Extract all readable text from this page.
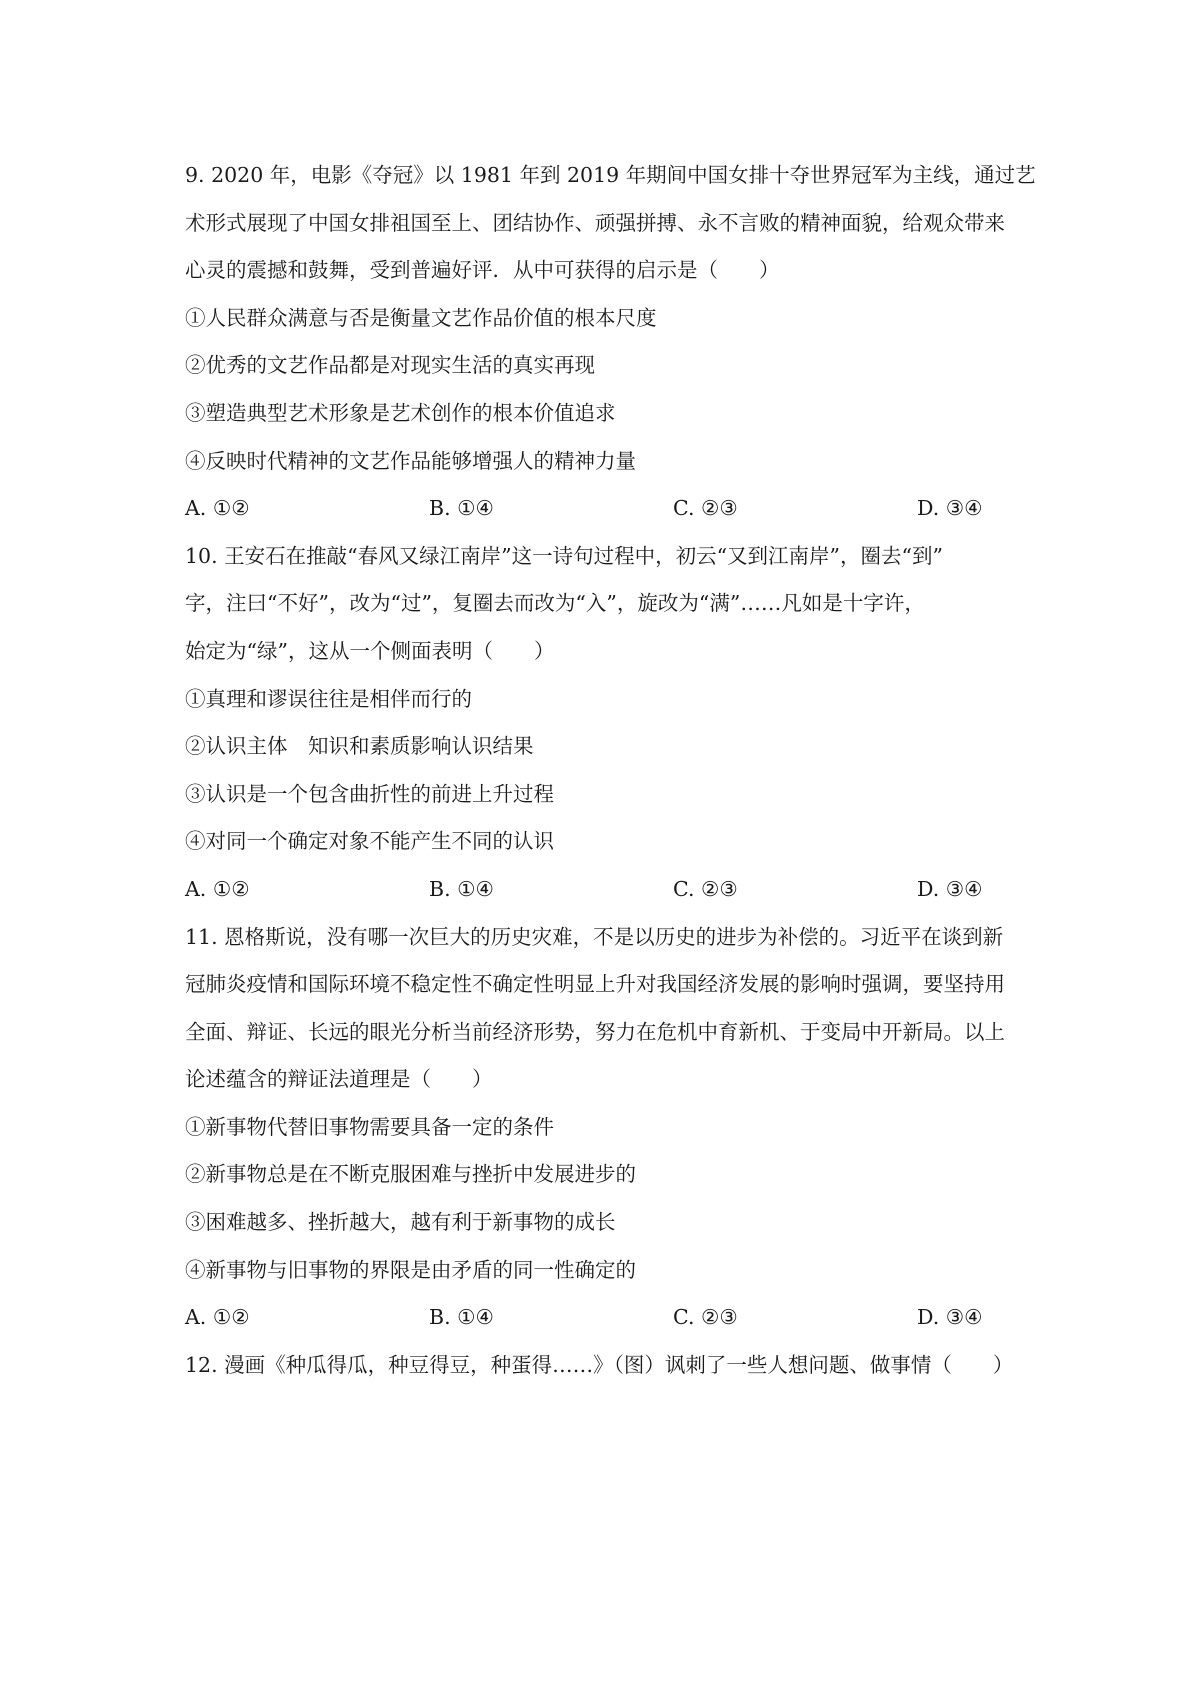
9. 2020 年，电影《夺冠》以 1981 年到 2019 年期间中国女排十夺世界冠军为主线，通过艺
术形式展现了中国女排祖国至上、团结协作、顽强拼搏、永不言败的精神面貌，给观众带来
心灵的震撼和鼓舞，受到普遍好评．从中可获得的启示是（　　）
①人民群众满意与否是衡量文艺作品价值的根本尺度
②优秀的文艺作品都是对现实生活的真实再现
③塑造典型艺术形象是艺术创作的根本价值追求
④反映时代精神的文艺作品能够增强人的精神力量
A. ①②	B. ①④	C. ②③	D. ③④
10. 王安石在推敲“春风又绿江南岸”这一诗句过程中，初云“又到江南岸”，圈去“到”
字，注曰“不好”，改为“过”，复圈去而改为“入”，旋改为“满”……凡如是十字许，
始定为“绿”，这从一个侧面表明（　　）
①真理和谬误往往是相伴而行的
②认识主体　知识和素质影响认识结果
③认识是一个包含曲折性的前进上升过程
④对同一个确定对象不能产生不同的认识
A. ①②	B. ①④	C. ②③	D. ③④
11. 恩格斯说，没有哪一次巨大的历史灾难，不是以历史的进步为补偿的。习近平在谈到新
冠肺炎疫情和国际环境不稳定性不确定性明显上升对我国经济发展的影响时强调，要坚持用
全面、辩证、长远的眼光分析当前经济形势，努力在危机中育新机、于变局中开新局。以上
论述蕴含的辩证法道理是（　　）
①新事物代替旧事物需要具备一定的条件
②新事物总是在不断克服困难与挫折中发展进步的
③困难越多、挫折越大，越有利于新事物的成长
④新事物与旧事物的界限是由矛盾的同一性确定的
A. ①②	B. ①④	C. ②③	D. ③④
12. 漫画《种瓜得瓜，种豆得豆，种蛋得……》（图）讽刺了一些人想问题、做事情（　　）
